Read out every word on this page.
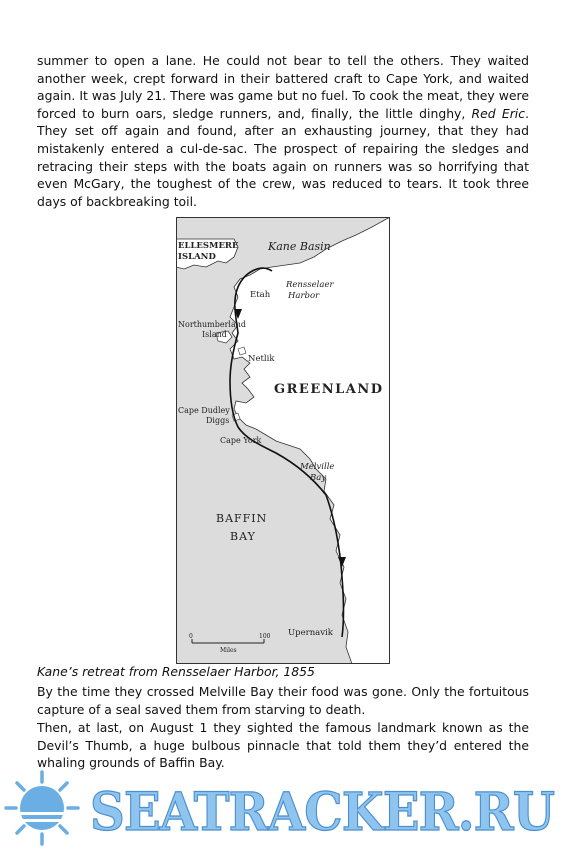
summer to open a lane. He could not bear to tell the others. They waited another week, crept forward in their battered craft to Cape York, and waited again. It was July 21. There was game but no fuel. To cook the meat, they were forced to burn oars, sledge runners, and, finally, the little dinghy, Red Eric. They set off again and found, after an exhausting journey, that they had mistakenly entered a cul-de-sac. The prospect of repairing the sledges and retracing their steps with the boats again on runners was so horrifying that even McGary, the toughest of the crew, was reduced to tears. It took three days of backbreaking toil.

ELLESMERE
ISLAND
Kane Basin
Rensselaer
Harbor
Etah
Northumberland
Island
Netlik
GREENLAND
Cape Dudley
Diggs
Cape York
Melville
Bay
BAFFIN
BAY
Upernavik
0	100
Miles
Kane’s retreat from Rensselaer Harbor, 1855

By the time they crossed Melville Bay their food was gone. Only the fortuitous capture of a seal saved them from starving to death.

Then, at last, on August 1 they sighted the famous landmark known as the Devil’s Thumb, a huge bulbous pinnacle that told them they’d entered the whaling grounds of Baffin Bay.

SEATRACKER.RU
